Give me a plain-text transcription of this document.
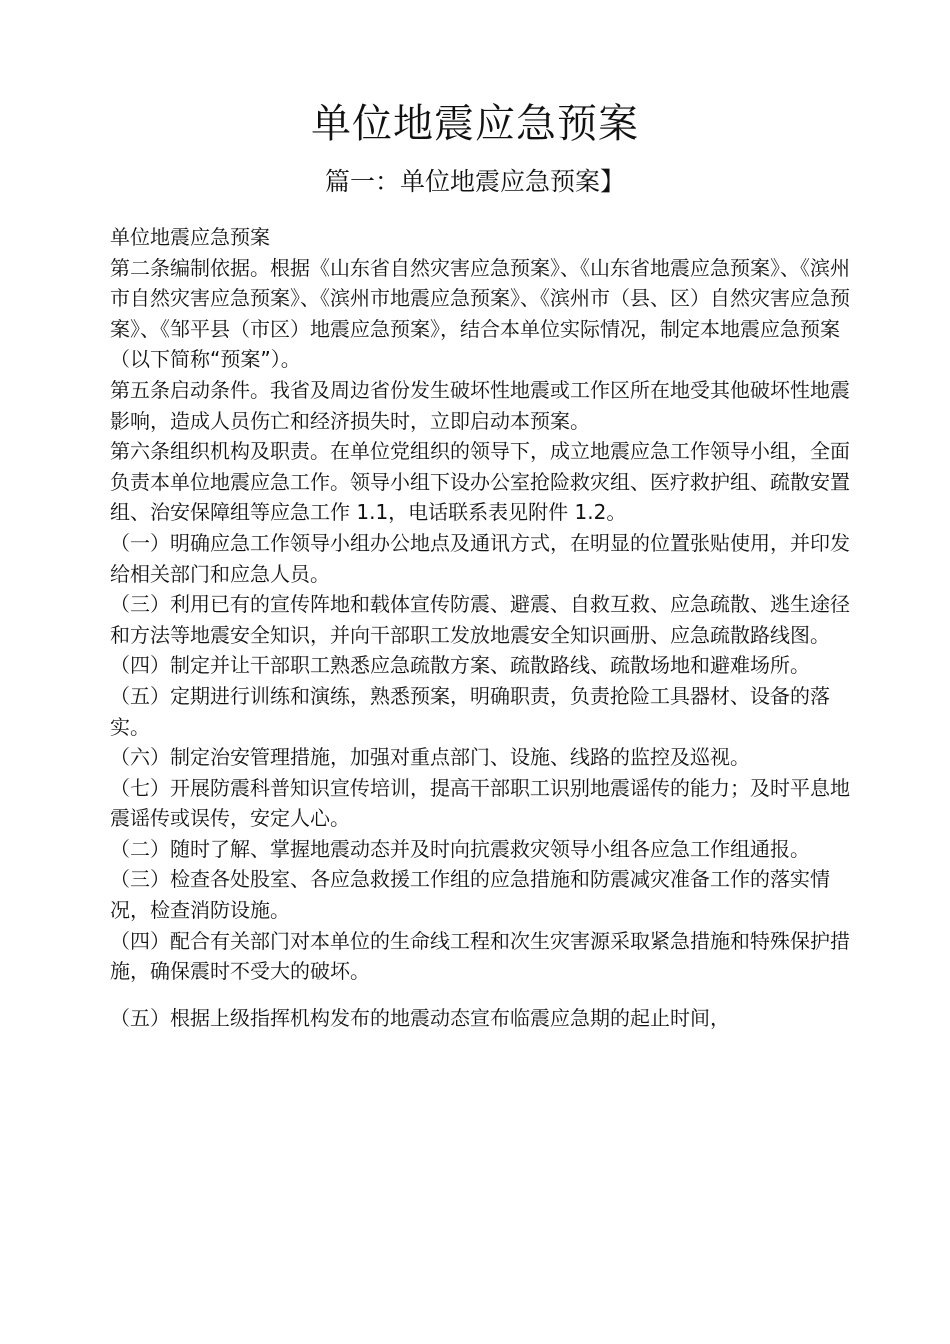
单位地震应急预案
篇一：单位地震应急预案】

单位地震应急预案

第二条编制依据。根据《山东省自然灾害应急预案》、《山东省地震应急预案》、《滨州市自然灾害应急预案》、《滨州市地震应急预案》、《滨州市（县、区）自然灾害应急预案》、《邹平县（市区）地震应急预案》，结合本单位实际情况，制定本地震应急预案（以下简称“预案”）。

第五条启动条件。我省及周边省份发生破坏性地震或工作区所在地受其他破坏性地震影响，造成人员伤亡和经济损失时，立即启动本预案。

第六条组织机构及职责。在单位党组织的领导下，成立地震应急工作领导小组，全面负责本单位地震应急工作。领导小组下设办公室抢险救灾组、医疗救护组、疏散安置组、治安保障组等应急工作 1.1，电话联系表见附件 1.2。

（一）明确应急工作领导小组办公地点及通讯方式，在明显的位置张贴使用，并印发给相关部门和应急人员。

（三）利用已有的宣传阵地和载体宣传防震、避震、自救互救、应急疏散、逃生途径和方法等地震安全知识，并向干部职工发放地震安全知识画册、应急疏散路线图。

（四）制定并让干部职工熟悉应急疏散方案、疏散路线、疏散场地和避难场所。

（五）定期进行训练和演练，熟悉预案，明确职责，负责抢险工具器材、设备的落实。

（六）制定治安管理措施，加强对重点部门、设施、线路的监控及巡视。

（七）开展防震科普知识宣传培训，提高干部职工识别地震谣传的能力；及时平息地震谣传或误传，安定人心。

（二）随时了解、掌握地震动态并及时向抗震救灾领导小组各应急工作组通报。

（三）检查各处股室、各应急救援工作组的应急措施和防震减灾准备工作的落实情况，检查消防设施。

（四）配合有关部门对本单位的生命线工程和次生灾害源采取紧急措施和特殊保护措施，确保震时不受大的破坏。

（五）根据上级指挥机构发布的地震动态宣布临震应急期的起止时间，
